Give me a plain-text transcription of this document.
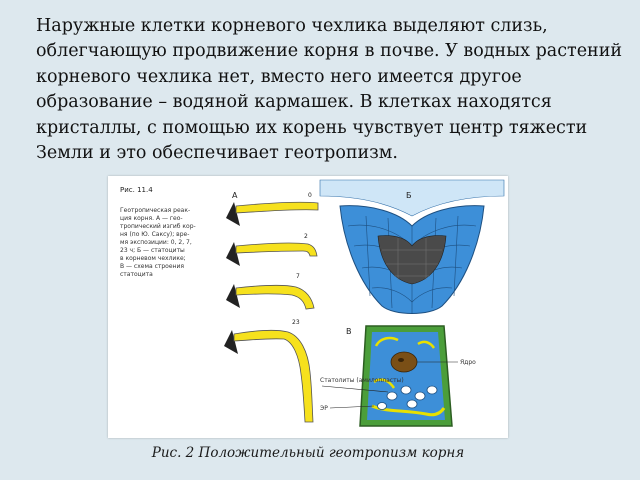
Наружные клетки корневого чехлика выделяют слизь, облегчающую продвижение корня в почве. У водных растений корневого чехлика нет, вместо него имеется другое образование – водяной кармашек. В клетках находятся кристаллы, с помощью их корень чувствует центр тяжести Земли и это обеспечивает геотропизм.

Рис. 11.4
Геотропическая реак-
ция корня. А — гео-
тропический изгиб кор-
ня (по Ю. Саксу); вре-
мя экспозиции: 0, 2, 7,
23 ч; Б — статоциты
в корневом чехлике;
В — схема строения
статоцита
А	0
2
7
23
Б
В
Ядро
Статолиты (амилопласты)
ЭР
Рис. 2 Положительный геотропизм корня
